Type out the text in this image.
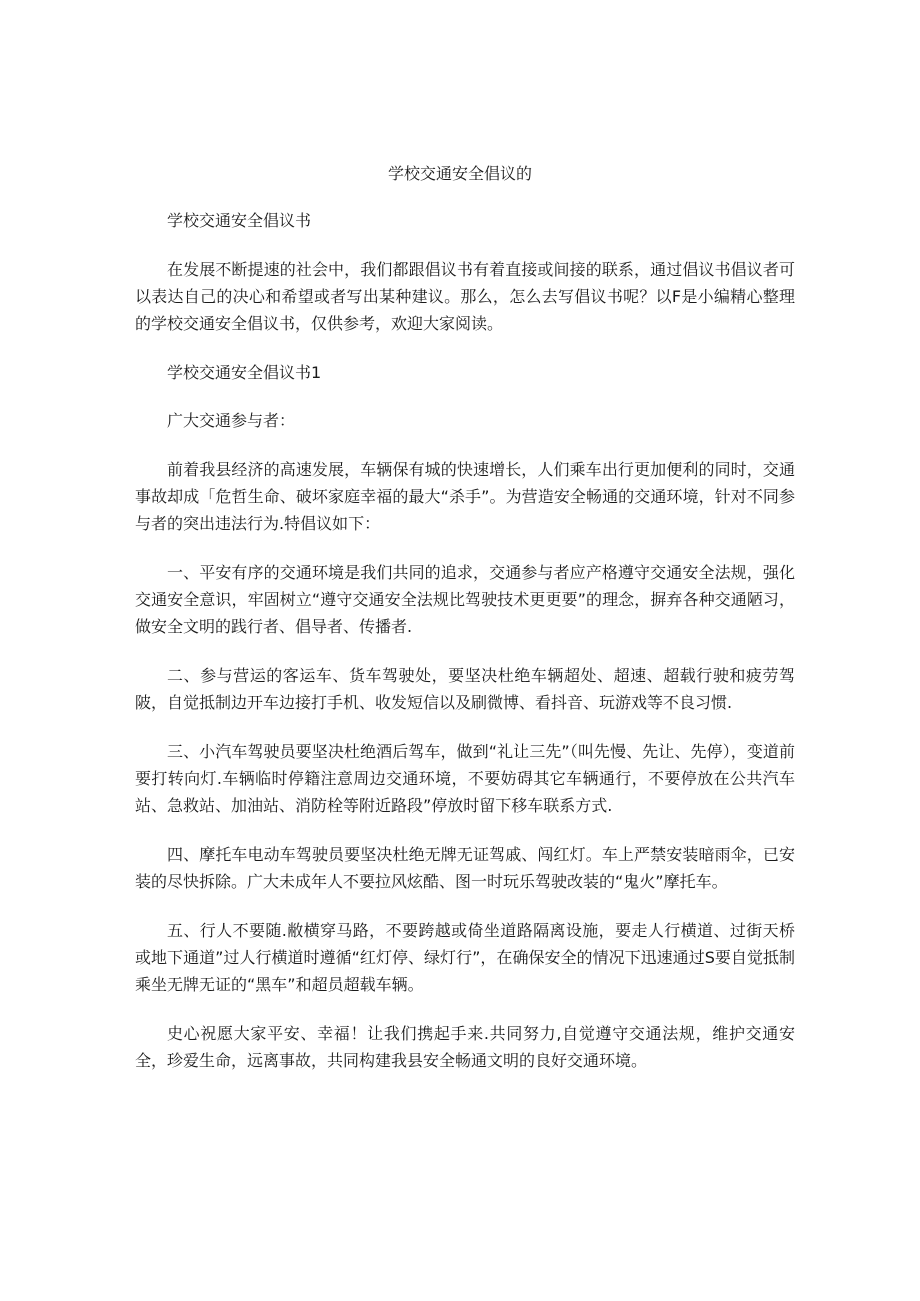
学校交通安全倡议的

学校交通安全倡议书

在发展不断提速的社会中，我们都跟倡议书有着直接或间接的联系，通过倡议书倡议者可以表达自己的决心和希望或者写出某种建议。那么，怎么去写倡议书呢？以F是小编精心整理的学校交通安全倡议书，仅供参考，欢迎大家阅读。

学校交通安全倡议书1

广大交通参与者：

前着我县经济的高速发展，车辆保有城的快速增长，人们乘车出行更加便利的同时，交通事故却成「危哲生命、破坏家庭幸福的最大“杀手”。为营造安全畅通的交通环境，针对不同参与者的突出违法行为.特倡议如下：

一、平安有序的交通环境是我们共同的追求，交通参与者应产格遵守交通安全法规，强化交通安全意识，牢固树立“遵守交通安全法规比驾驶技术更更要”的理念，摒弃各种交通陋习，做安全文明的践行者、倡导者、传播者.

二、参与营运的客运车、货车驾驶处，要坚决杜绝车辆超处、超速、超载行驶和疲劳驾陂，自觉抵制边开车边接打手机、收发短信以及刷微博、看抖音、玩游戏等不良习惯.

三、小汽车驾驶员要坚决杜绝酒后驾车，做到“礼让三先”（叫先慢、先让、先停），变道前要打转向灯.车辆临时停籍注意周边交通环境，不要妨碍其它车辆通行，不要停放在公共汽车站、急救站、加油站、消防栓等附近路段”停放时留下移车联系方式.

四、摩托车电动车驾驶员要坚决杜绝无牌无证驾戚、闯红灯。车上严禁安装暗雨伞，已安装的尽快拆除。广大未成年人不要拉风炫酷、图一时玩乐驾驶改装的“鬼火”摩托车。

五、行人不要随.敝横穿马路，不要跨越或倚坐道路隔离设施，要走人行横道、过街天桥或地下通道”过人行横道时遵循“红灯停、绿灯行”，在确保安全的情况下迅速通过S要自觉抵制乘坐无牌无证的“黑车”和超员超载车辆。

史心祝愿大家平安、幸福！让我们携起手来.共同努力,自觉遵守交通法规，维护交通安全，珍爱生命，远离事故，共同构建我县安全畅通文明的良好交通环境。
